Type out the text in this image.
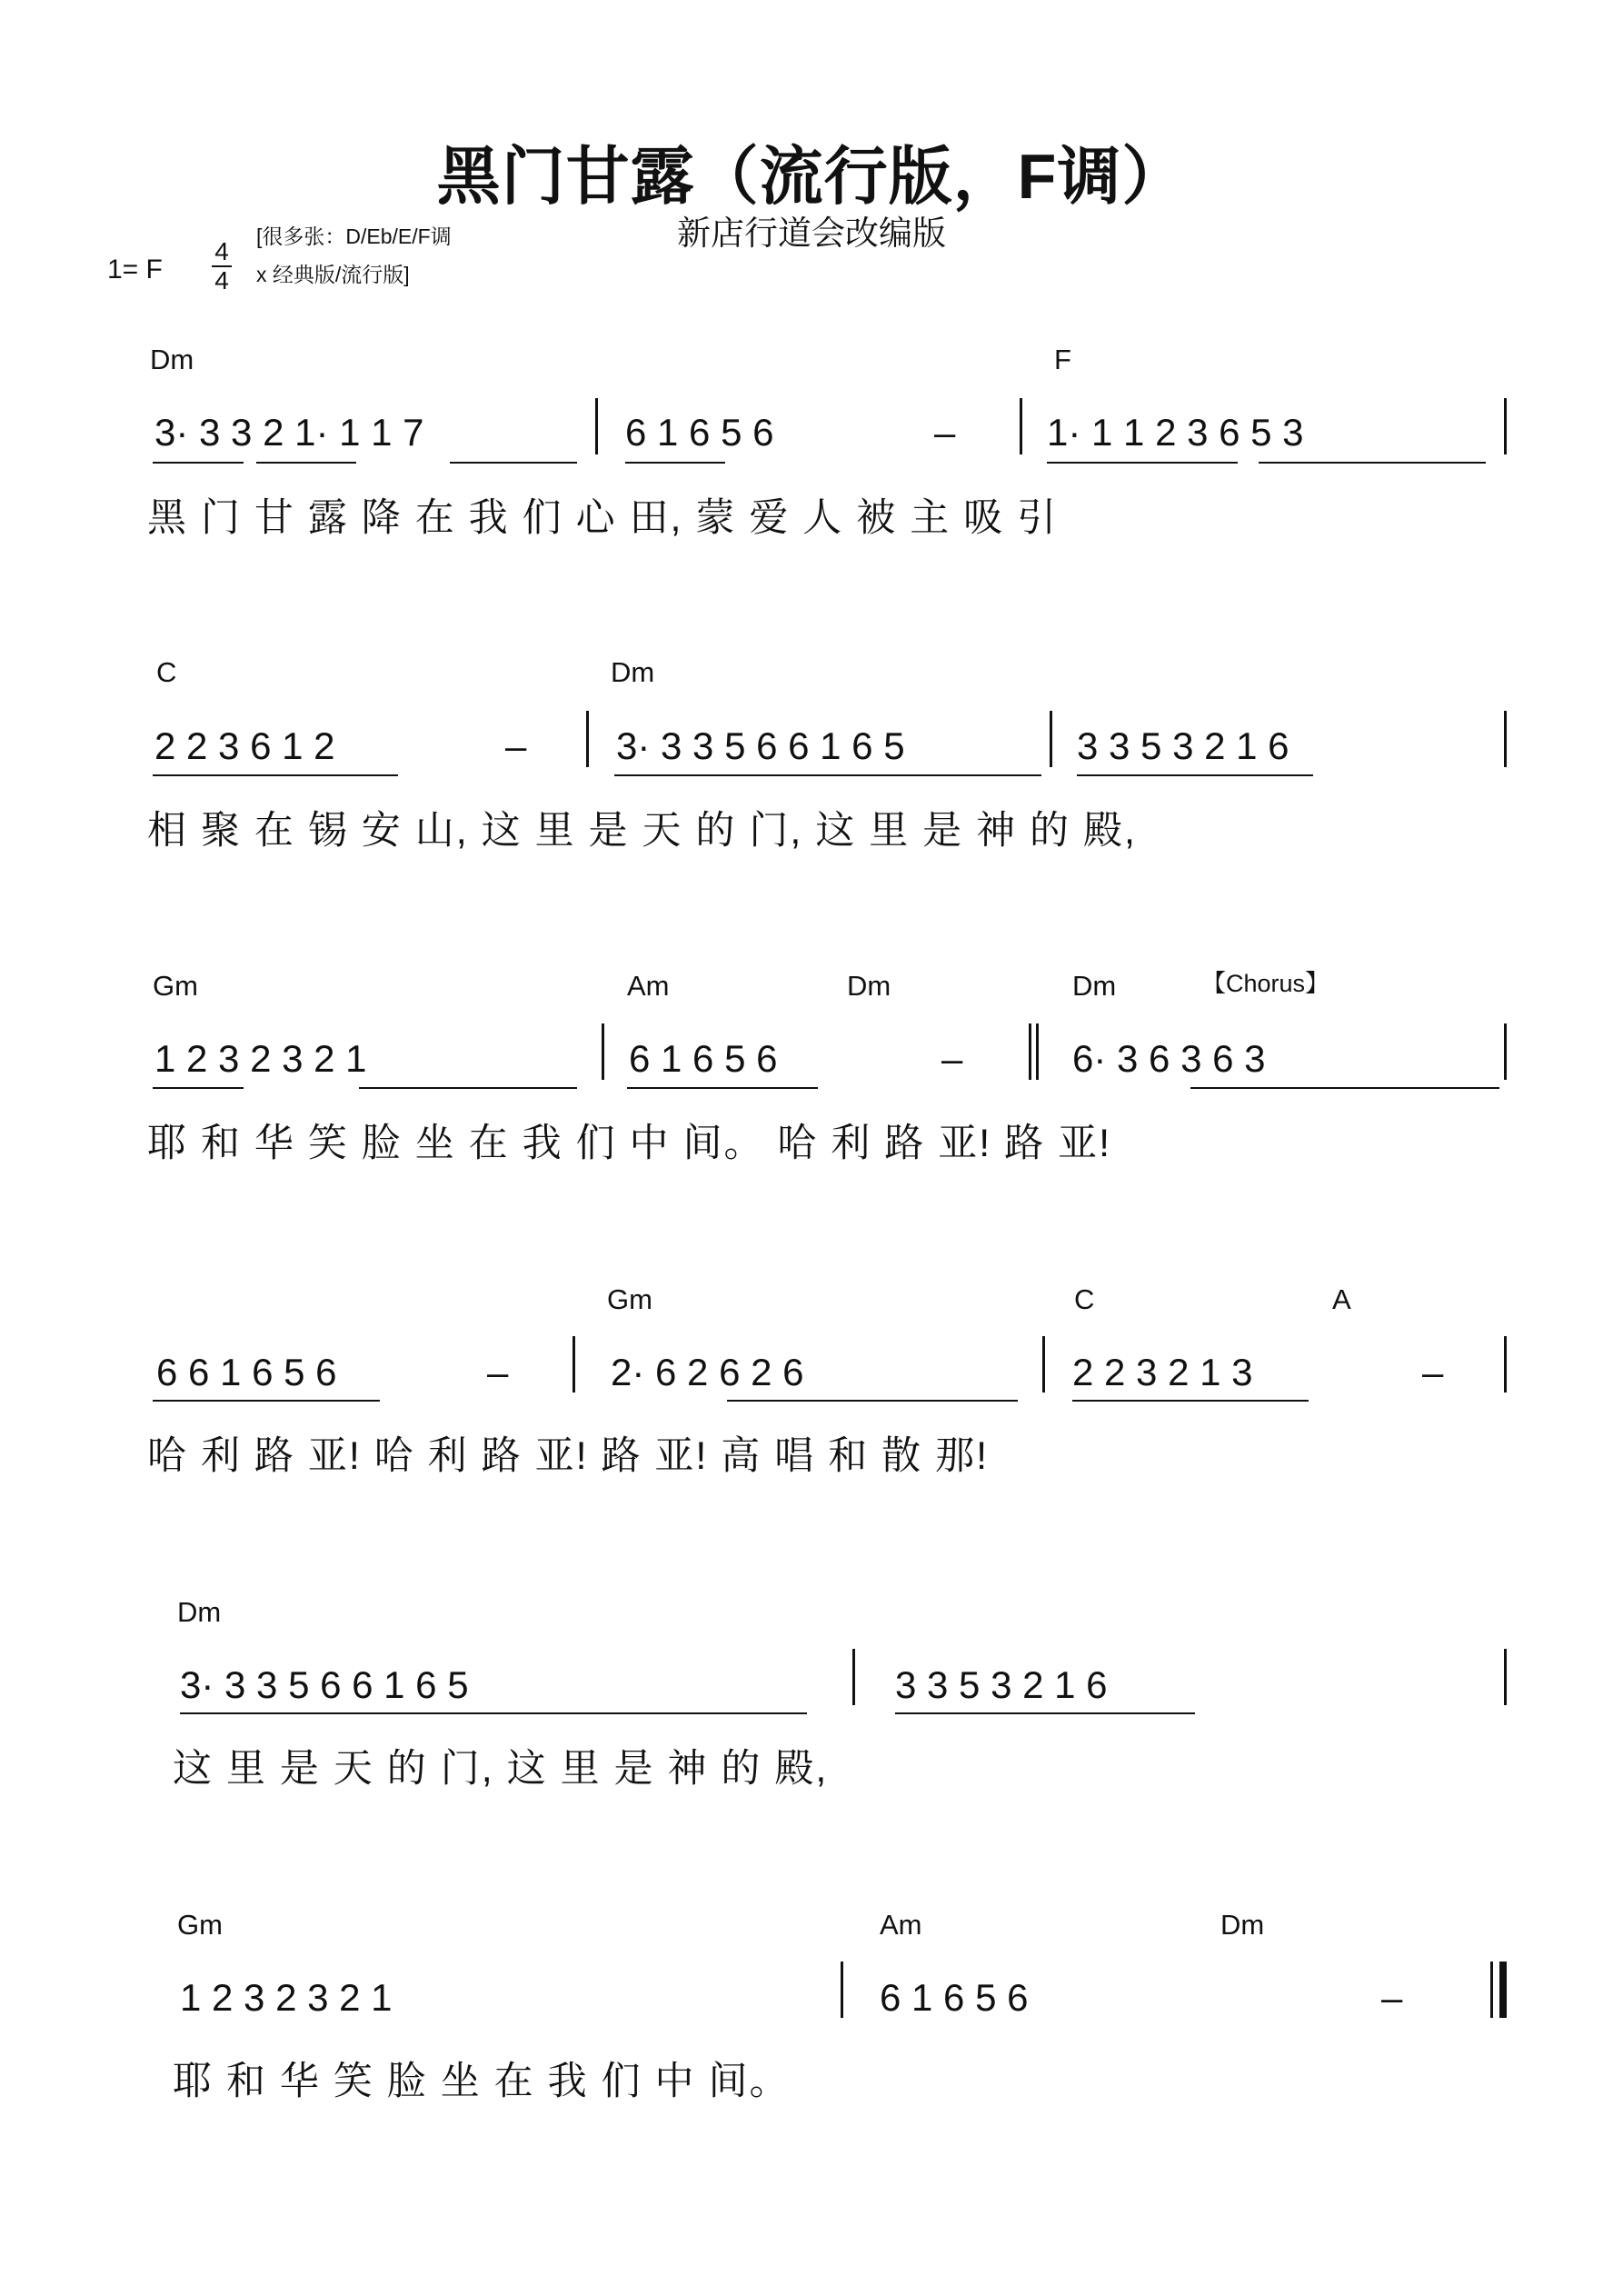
黑门甘露（流行版，F调）
新店行道会改编版
1= F
4
4
[很多张：D/Eb/E/F调
x 经典版/流行版]
Dm	F
3· 3 3 2 1· 1 1 7	6 1 6 5 6	1· 1 1 2 3 6 5 3
–
黑 门 甘 露 降 在 我 们 心 田, 蒙 爱 人 被 主 吸 引
C	Dm
2 2 3 6 1 2	– 3· 3 3 5 6 6 1 6 5	3 3 5 3 2 1 6
相 聚 在 锡 安 山, 这 里 是 天 的 门, 这 里 是 神 的 殿,
Gm	Am	Dm	Dm	【Chorus】
1 2 3 2 3 2 1	6 1 6 5 6	–	6· 3 6 3 6 3
耶 和 华 笑 脸 坐 在 我 们 中 间。 哈 利 路 亚! 路 亚!
Gm	C	A
6 6 1 6 5 6	–	2· 6 2 6 2 6	2 2 3 2 1 3	–
哈 利 路 亚! 哈 利 路 亚! 路 亚! 高 唱 和 散 那!
Dm
3· 3 3 5 6 6 1 6 5	3 3 5 3 2 1 6
这 里 是 天 的 门, 这 里 是 神 的 殿,
Gm	Am	Dm
1 2 3 2 3 2 1	6 1 6 5 6	–
耶 和 华 笑 脸 坐 在 我 们 中 间。
